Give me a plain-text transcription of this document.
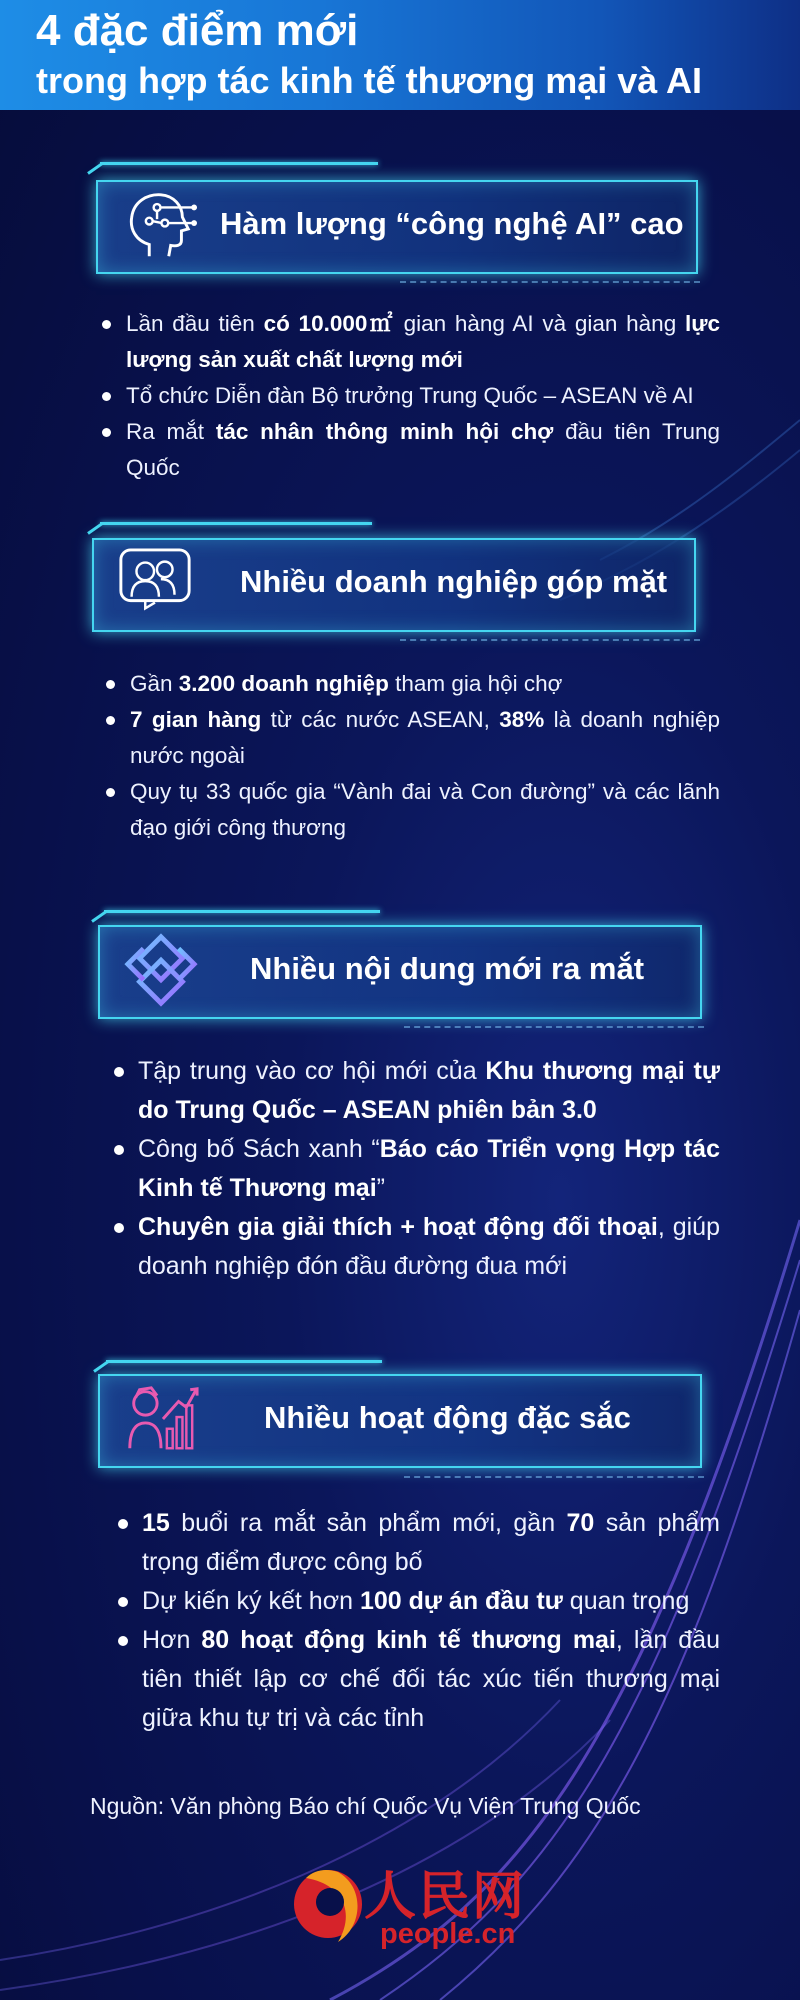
4 đặc điểm mới
trong hợp tác kinh tế thương mại và AI
Hàm lượng “công nghệ AI” cao
Lần đầu tiên có 10.000㎡ gian hàng AI và gian hàng lực lượng sản xuất chất lượng mới
Tổ chức Diễn đàn Bộ trưởng Trung Quốc – ASEAN về AI
Ra mắt tác nhân thông minh hội chợ đầu tiên Trung Quốc
Nhiều doanh nghiệp góp mặt
Gần 3.200 doanh nghiệp tham gia hội chợ
7 gian hàng từ các nước ASEAN, 38% là doanh nghiệp nước ngoài
Quy tụ 33 quốc gia “Vành đai và Con đường” và các lãnh đạo giới công thương
Nhiều nội dung mới ra mắt
Tập trung vào cơ hội mới của Khu thương mại tự do Trung Quốc – ASEAN phiên bản 3.0
Công bố Sách xanh “Báo cáo Triển vọng Hợp tác Kinh tế Thương mại”
Chuyên gia giải thích + hoạt động đối thoại, giúp doanh nghiệp đón đầu đường đua mới
Nhiều hoạt động đặc sắc
15 buổi ra mắt sản phẩm mới, gần 70 sản phẩm trọng điểm được công bố
Dự kiến ký kết hơn 100 dự án đầu tư quan trọng
Hơn 80 hoạt động kinh tế thương mại, lần đầu tiên thiết lập cơ chế đối tác xúc tiến thương mại giữa khu tự trị và các tỉnh
Nguồn: Văn phòng Báo chí Quốc Vụ Viện Trung Quốc
人民网
people.cn
